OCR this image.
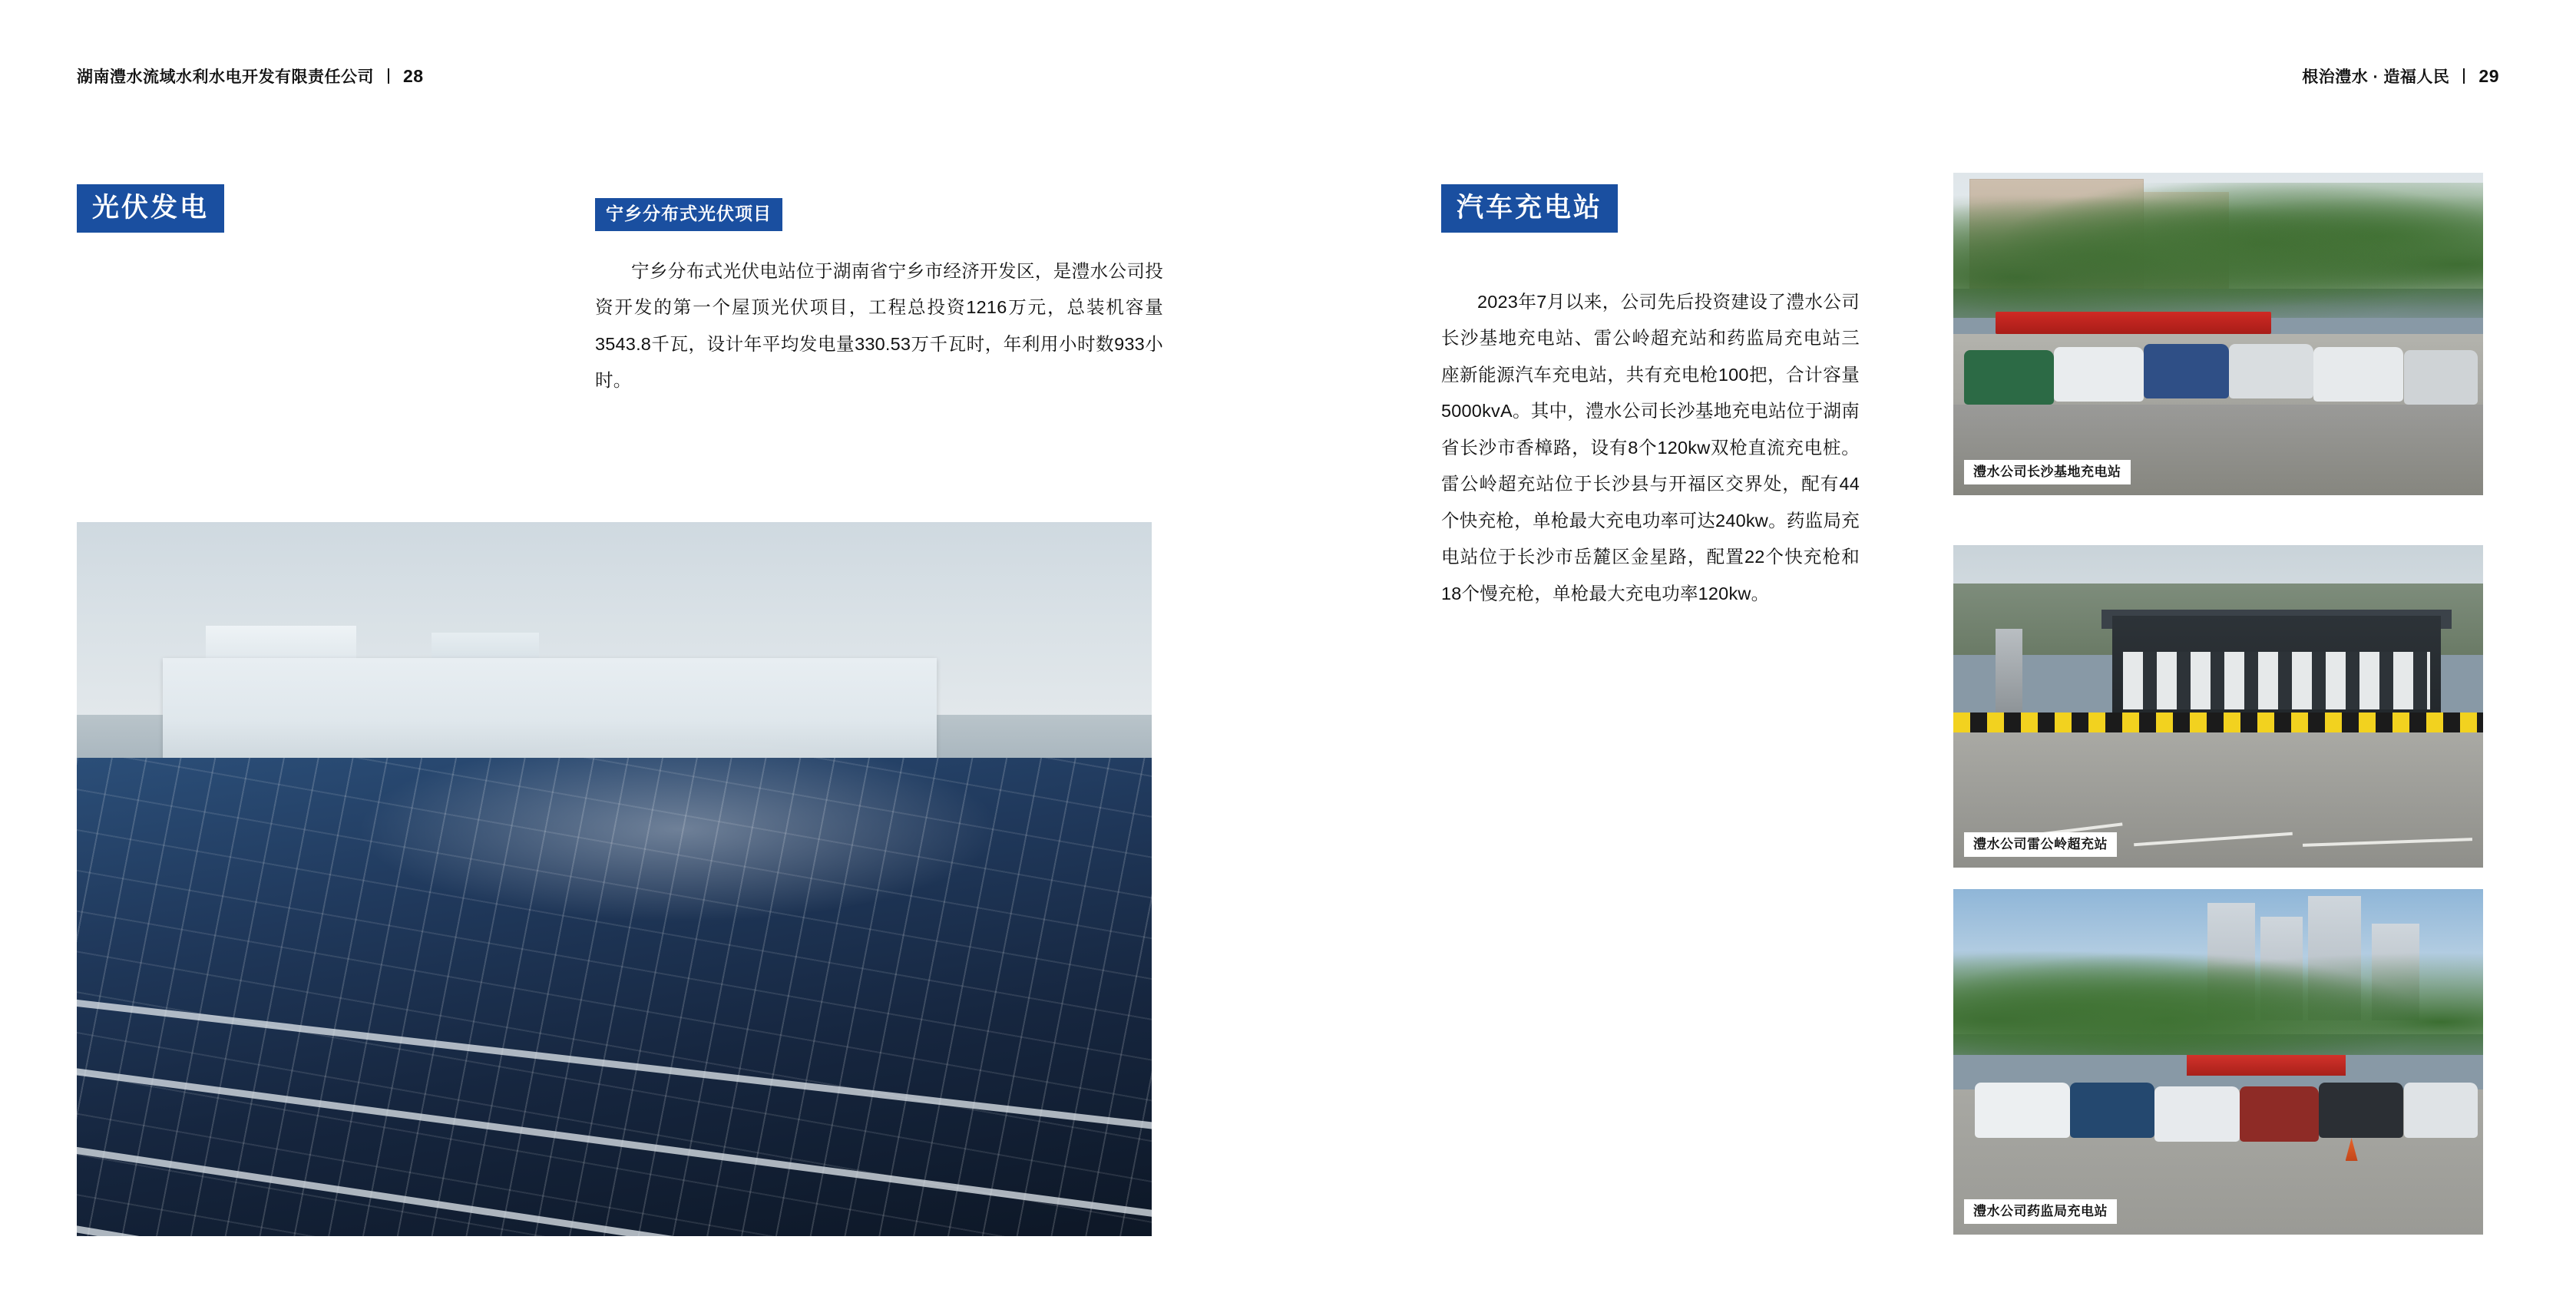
湖南澧水流域水利水电开发有限责任公司 28
光伏发电	宁乡分布式光伏项目
宁乡分布式光伏电站位于湖南省宁乡市经济开发区，是澧水公司投资开发的第一个屋顶光伏项目，工程总投资1216万元，总装机容量3543.8千瓦，设计年平均发电量330.53万千瓦时，年利用小时数933小时。
根治澧水 · 造福人民 29
汽车充电站
2023年7月以来，公司先后投资建设了澧水公司长沙基地充电站、雷公岭超充站和药监局充电站三座新能源汽车充电站，共有充电枪100把，合计容量5000kvA。其中，澧水公司长沙基地充电站位于湖南省长沙市香樟路，设有8个120kw双枪直流充电桩。雷公岭超充站位于长沙县与开福区交界处，配有44个快充枪，单枪最大充电功率可达240kw。药监局充电站位于长沙市岳麓区金星路，配置22个快充枪和18个慢充枪，单枪最大充电功率120kw。
澧水公司长沙基地充电站
澧水公司雷公岭超充站
澧水公司药监局充电站
